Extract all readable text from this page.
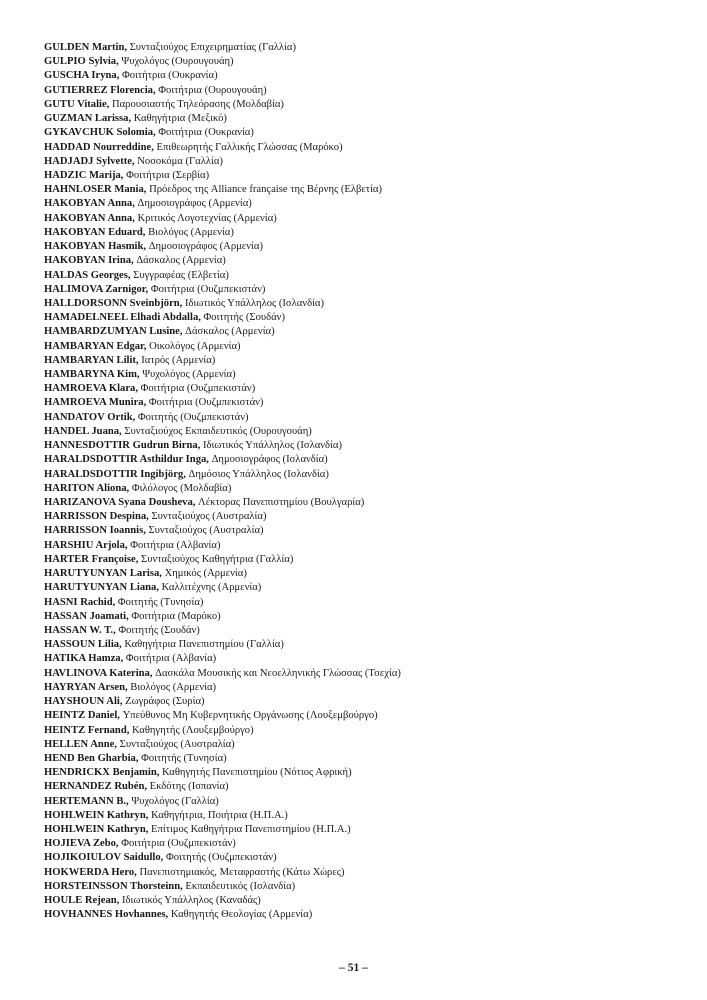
GULDEN Martin, Συνταξιούχος Επιχειρηματίας (Γαλλία)
GULPIO Sylvia, Ψυχολόγος (Ουρουγουάη)
GUSCHA Iryna, Φοιτήτρια (Ουκρανία)
GUTIERREZ Florencia, Φοιτήτρια (Ουρουγουάη)
GUTU Vitalie, Παρουσιαστής Τηλεόρασης (Μολδαβία)
GUZMAN Larissa, Καθηγήτρια (Μεξικό)
GYKAVCHUK Solomia, Φοιτήτρια (Ουκρανία)
HADDAD Nourreddine, Επιθεωρητής Γαλλικής Γλώσσας (Μαρόκο)
HADJADJ Sylvette, Νοσοκόμα (Γαλλία)
HADZIC Marija, Φοιτήτρια (Σερβία)
HAHNLOSER Mania, Πρόεδρος της Alliance française της Βέρνης (Ελβετία)
HAKOBYAN Anna, Δημοσιογράφος (Αρμενία)
HAKOBYAN Anna, Κριτικός Λογοτεχνίας (Αρμενία)
HAKOBYAN Eduard, Βιολόγος (Αρμενία)
HAKOBYAN Hasmik, Δημοσιογράφος (Αρμενία)
HAKOBYAN Irina, Δάσκαλος (Αρμενία)
HALDAS Georges, Συγγραφέας (Ελβετία)
HALIMOVA Zarnigor, Φοιτήτρια (Ουζμπεκιστάν)
HALLDORSONN Sveinbjörn, Ιδιωτικός Υπάλληλος (Ισλανδία)
HAMADELNEEL Elhadi Abdalla, Φοιτητής (Σουδάν)
HAMBARDZUMYAN Lusine, Δάσκαλος (Αρμενία)
HAMBARYAN Edgar, Οικολόγος (Αρμενία)
HAMBARYAN Lilit, Ιατρός (Αρμενία)
HAMBARYNA Kim, Ψυχολόγος (Αρμενία)
HAMROEVA Klara, Φοιτήτρια (Ουζμπεκιστάν)
HAMROEVA Munira, Φοιτήτρια (Ουζμπεκιστάν)
HANDATOV Ortik, Φοιτητής (Ουζμπεκιστάν)
HANDEL Juana, Συνταξιούχος Εκπαιδευτικός (Ουρουγουάη)
HANNESDOTTIR Gudrun Birna, Ιδιωτικός Υπάλληλος (Ισλανδία)
HARALDSDOTTIR Asthildur Inga, Δημοσιογράφος (Ισλανδία)
HARALDSDOTTIR Ingibjörg, Δημόσιος Υπάλληλος (Ισλανδία)
HARITON Aliona, Φιλόλογος (Μολδαβία)
HARIZANOVA Syana Dousheva, Λέκτορας Πανεπιστημίου (Βουλγαρία)
HARRISSON Despina, Συνταξιούχος (Αυστραλία)
HARRISSON Ioannis, Συνταξιούχος (Αυστραλία)
HARSHIU Arjola, Φοιτήτρια (Αλβανία)
HARTER Françoise, Συνταξιούχος Καθηγήτρια (Γαλλία)
HARUTYUNYAN Larisa, Χημικός (Αρμενία)
HARUTYUNYAN Liana, Καλλιτέχνης (Αρμενία)
HASNI Rachid, Φοιτητής (Τυνησία)
HASSAN Joamati, Φοιτήτρια (Μαρόκο)
HASSAN W. T., Φοιτητής (Σουδάν)
HASSOUN Lilia, Καθηγήτρια Πανεπιστημίου (Γαλλία)
HATIKA Hamza, Φοιτήτρια (Αλβανία)
HAVLINOVA Katerina, Δασκάλα Μουσικής και Νεοελληνικής Γλώσσας (Τσεχία)
HAYRYAN Arsen, Βιολόγος (Αρμενία)
HAYSHOUN Ali, Ζωγράφος (Συρία)
HEINTZ Daniel, Υπεύθυνος Μη Κυβερνητικής Οργάνωσης (Λουξεμβούργο)
HEINTZ Fernand, Καθηγητής (Λουξεμβούργο)
HELLEN Anne, Συνταξιούχος (Αυστραλία)
HEND Ben Gharbia, Φοιτητής (Τυνησία)
HENDRICKX Benjamin, Καθηγητής Πανεπιστημίου (Νότιος Αφρική)
HERNANDEZ Rubén, Εκδότης (Ισπανία)
HERTEMANN B., Ψυχολόγος (Γαλλία)
HOHLWEIN Kathryn, Καθηγήτρια, Ποιήτρια (Η.Π.Α.)
HOHLWEIN Kathryn, Επίτιμος Καθηγήτρια Πανεπιστημίου (Η.Π.Α.)
HOJIEVA Zebo, Φοιτήτρια (Ουζμπεκιστάν)
HOJIKOIULOV Saidullo, Φοιτητής (Ουζμπεκιστάν)
HOKWERDA Hero, Πανεπιστημιακός, Μεταφραστής (Κάτω Χώρες)
HORSTEINSSON Thorsteinn, Εκπαιδευτικός (Ισλανδία)
HOULE Rejean, Ιδιωτικός Υπάλληλος (Καναδάς)
HOVHANNES Hovhannes, Καθηγητής Θεολογίας (Αρμενία)
– 51 –
